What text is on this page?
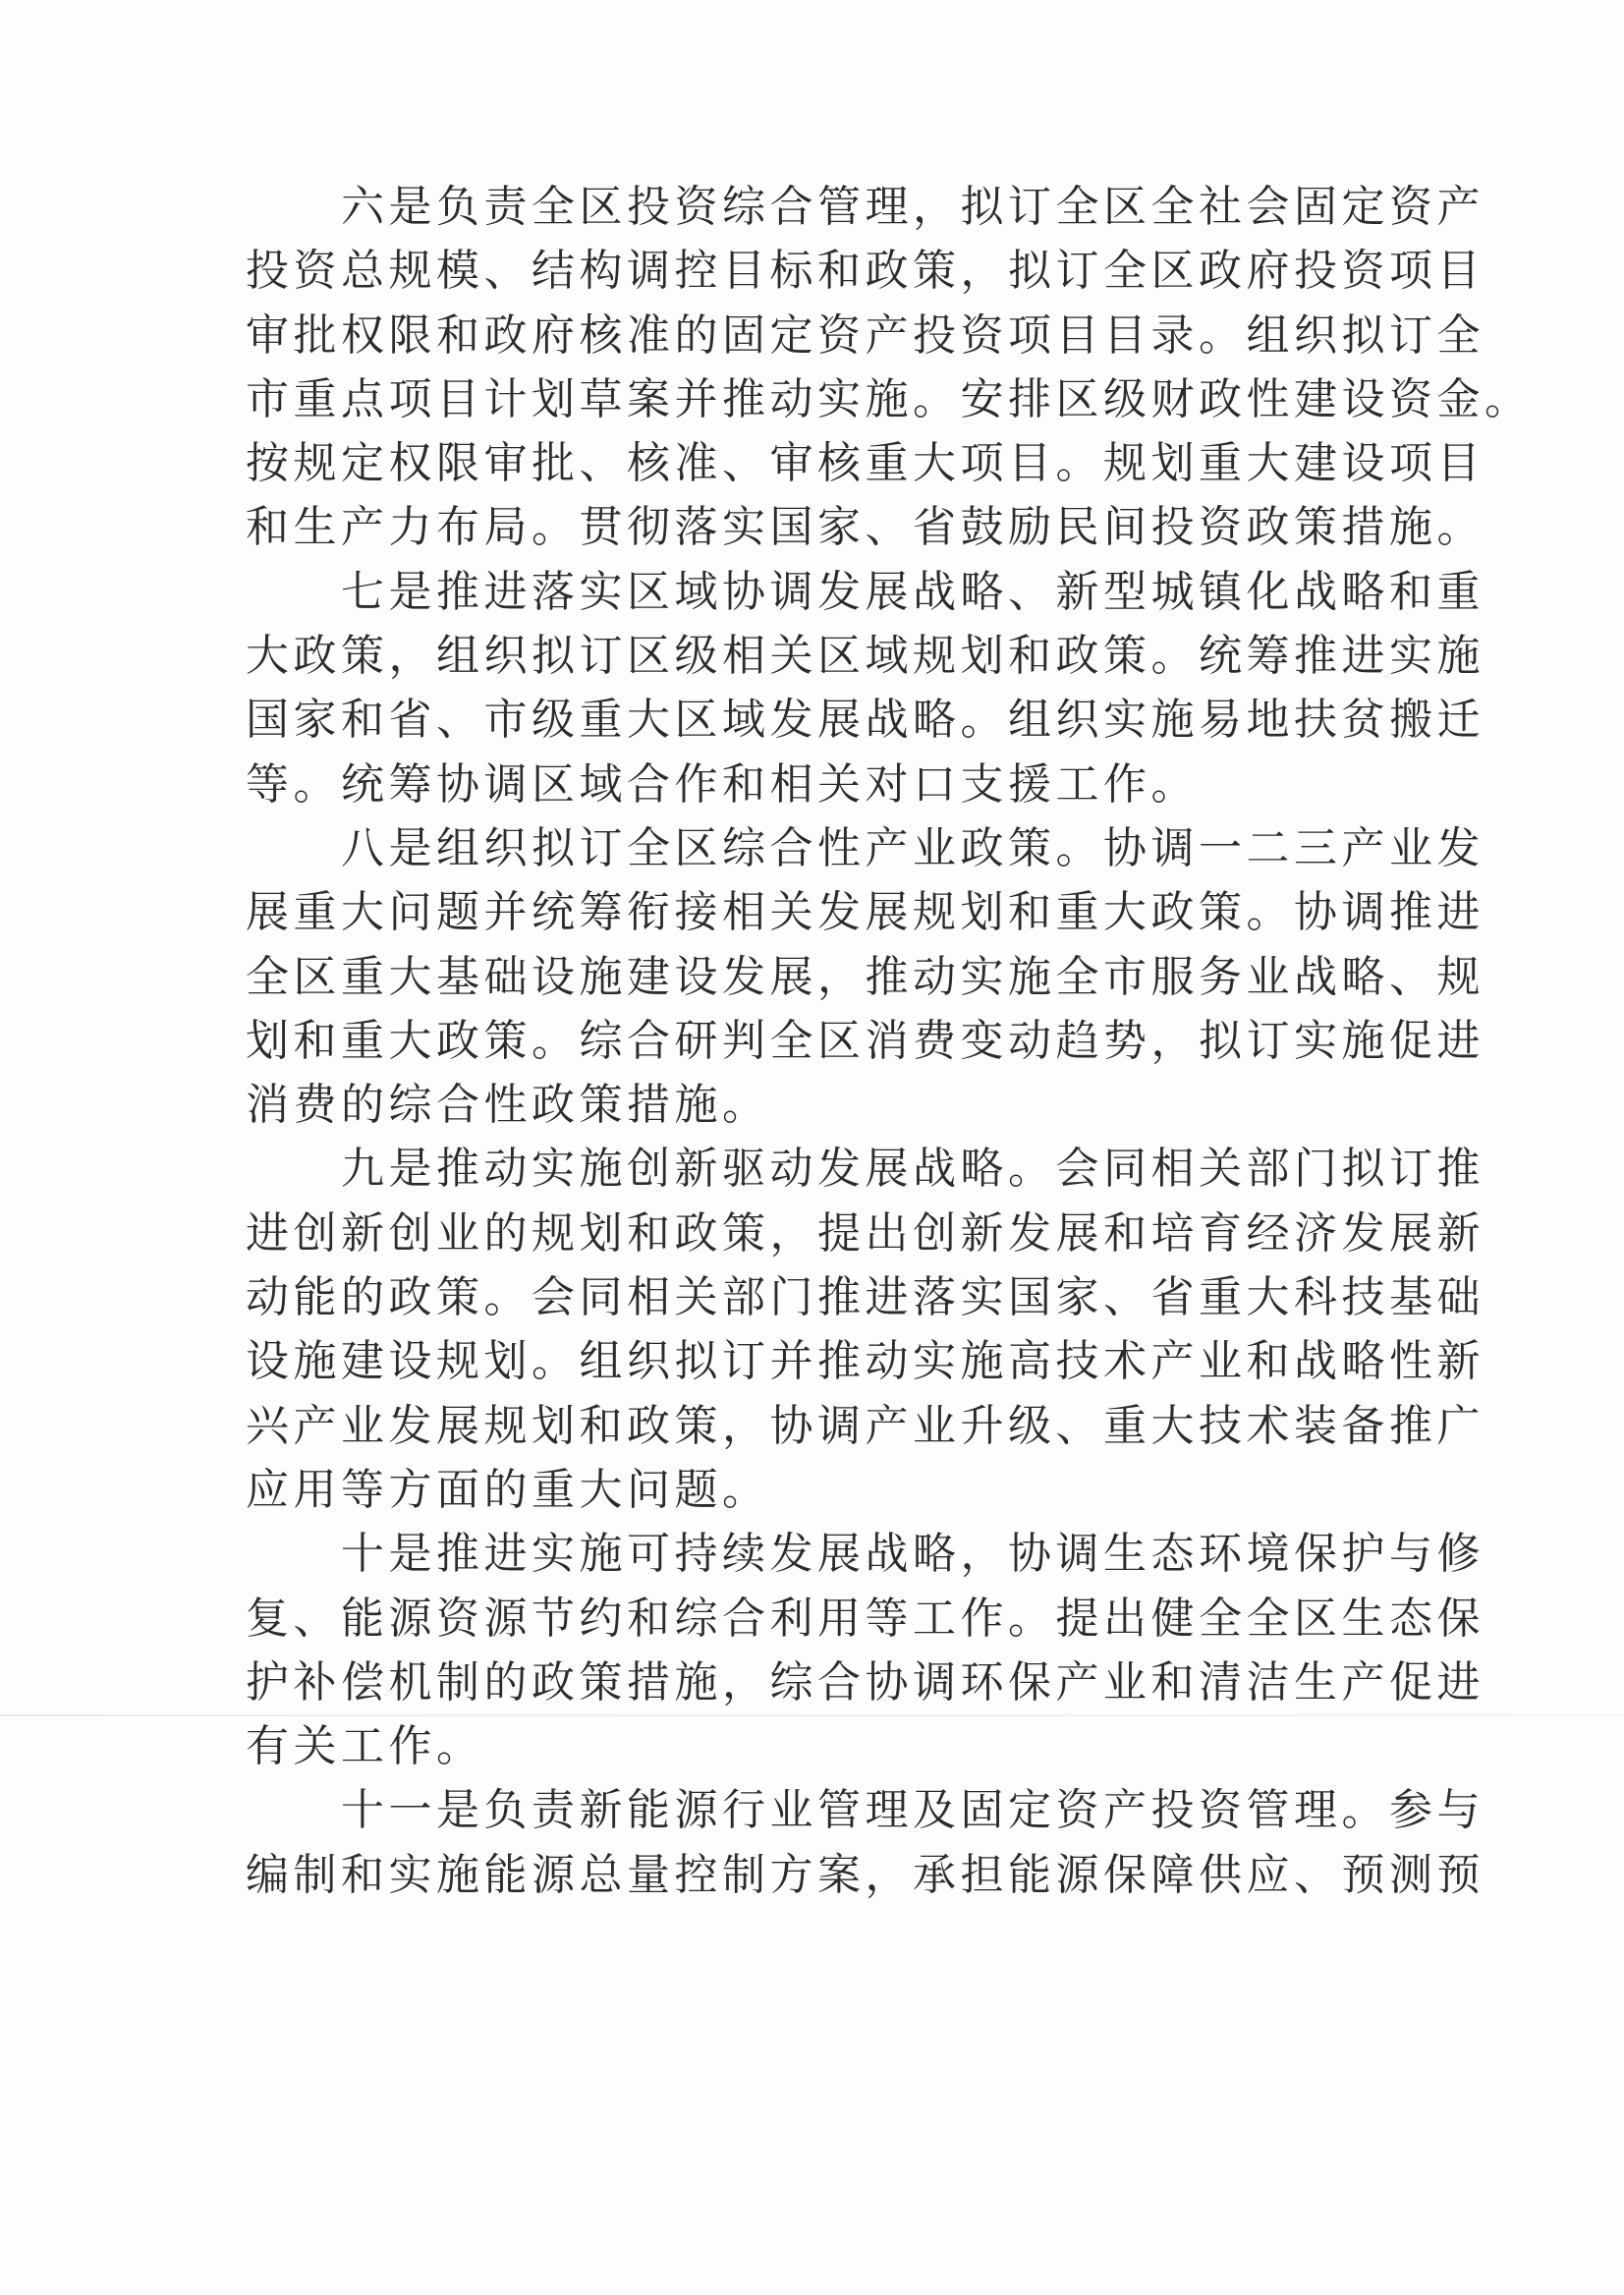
　　六是负责全区投资综合管理，拟订全区全社会固定资产
投资总规模、结构调控目标和政策，拟订全区政府投资项目
审批权限和政府核准的固定资产投资项目目录。组织拟订全
市重点项目计划草案并推动实施。安排区级财政性建设资金。
按规定权限审批、核准、审核重大项目。规划重大建设项目
和生产力布局。贯彻落实国家、省鼓励民间投资政策措施。
　　七是推进落实区域协调发展战略、新型城镇化战略和重
大政策，组织拟订区级相关区域规划和政策。统筹推进实施
国家和省、市级重大区域发展战略。组织实施易地扶贫搬迁
等。统筹协调区域合作和相关对口支援工作。
　　八是组织拟订全区综合性产业政策。协调一二三产业发
展重大问题并统筹衔接相关发展规划和重大政策。协调推进
全区重大基础设施建设发展，推动实施全市服务业战略、规
划和重大政策。综合研判全区消费变动趋势，拟订实施促进
消费的综合性政策措施。
　　九是推动实施创新驱动发展战略。会同相关部门拟订推
进创新创业的规划和政策，提出创新发展和培育经济发展新
动能的政策。会同相关部门推进落实国家、省重大科技基础
设施建设规划。组织拟订并推动实施高技术产业和战略性新
兴产业发展规划和政策，协调产业升级、重大技术装备推广
应用等方面的重大问题。
　　十是推进实施可持续发展战略，协调生态环境保护与修
复、能源资源节约和综合利用等工作。提出健全全区生态保
护补偿机制的政策措施，综合协调环保产业和清洁生产促进
有关工作。
　　十一是负责新能源行业管理及固定资产投资管理。参与
编制和实施能源总量控制方案，承担能源保障供应、预测预
